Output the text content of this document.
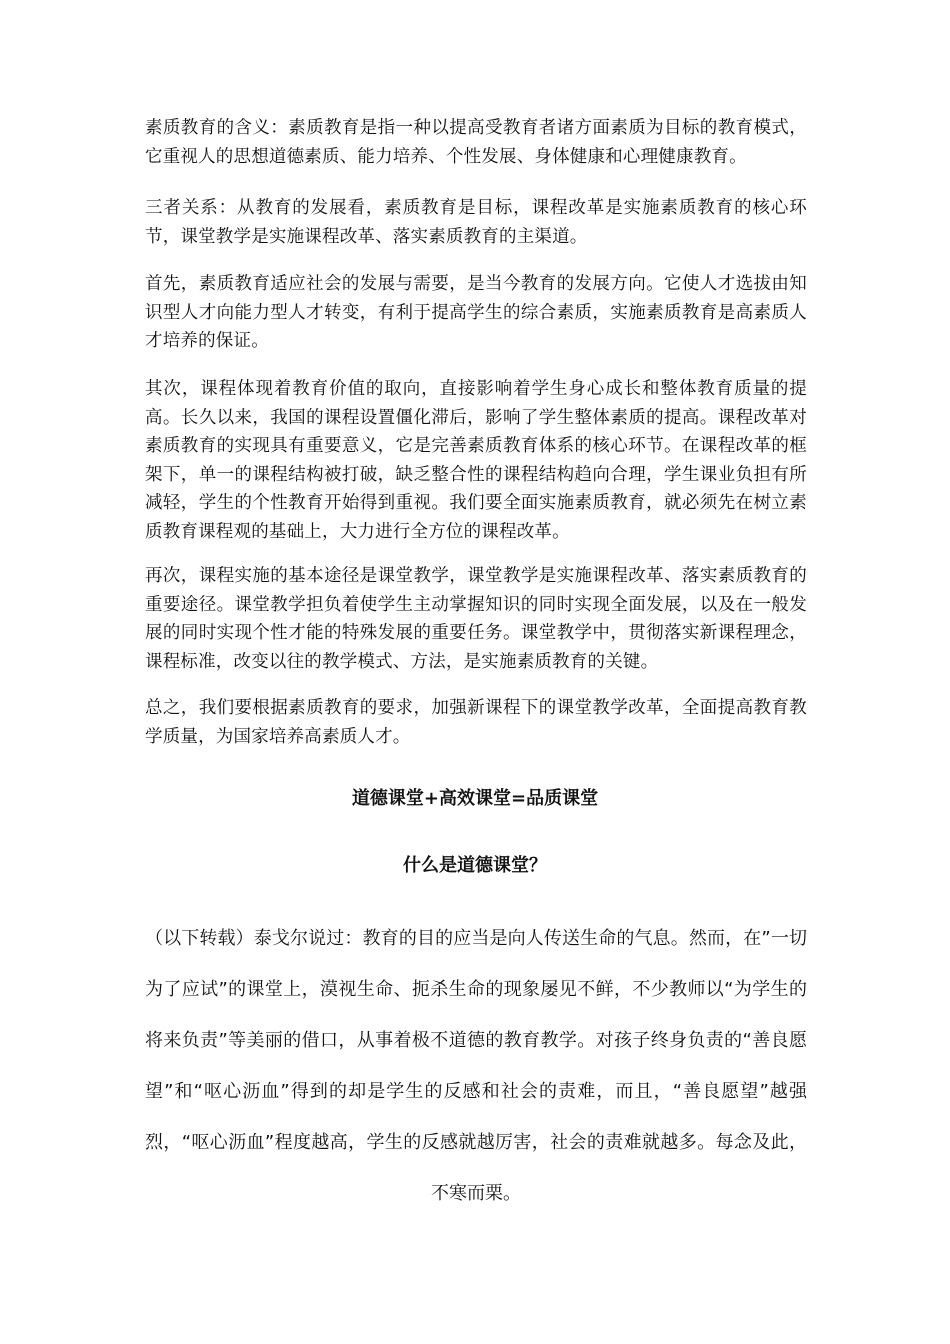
素质教育的含义：素质教育是指一种以提高受教育者诸方面素质为目标的教育模式，它重视人的思想道德素质、能力培养、个性发展、身体健康和心理健康教育。

三者关系：从教育的发展看，素质教育是目标，课程改革是实施素质教育的核心环节，课堂教学是实施课程改革、落实素质教育的主渠道。

首先，素质教育适应社会的发展与需要，是当今教育的发展方向。它使人才选拔由知识型人才向能力型人才转变，有利于提高学生的综合素质，实施素质教育是高素质人才培养的保证。

其次，课程体现着教育价值的取向，直接影响着学生身心成长和整体教育质量的提高。长久以来，我国的课程设置僵化滞后，影响了学生整体素质的提高。课程改革对素质教育的实现具有重要意义，它是完善素质教育体系的核心环节。在课程改革的框架下，单一的课程结构被打破，缺乏整合性的课程结构趋向合理，学生课业负担有所减轻，学生的个性教育开始得到重视。我们要全面实施素质教育，就必须先在树立素质教育课程观的基础上，大力进行全方位的课程改革。

再次，课程实施的基本途径是课堂教学，课堂教学是实施课程改革、落实素质教育的重要途径。课堂教学担负着使学生主动掌握知识的同时实现全面发展，以及在一般发展的同时实现个性才能的特殊发展的重要任务。课堂教学中，贯彻落实新课程理念，课程标准，改变以往的教学模式、方法，是实施素质教育的关键。

总之，我们要根据素质教育的要求，加强新课程下的课堂教学改革，全面提高教育教学质量，为国家培养高素质人才。

道德课堂+高效课堂=品质课堂
什么是道德课堂？

（以下转载）泰戈尔说过：教育的目的应当是向人传送生命的气息。然而，在”一切为了应试”的课堂上，漠视生命、扼杀生命的现象屡见不鲜，不少教师以“为学生的将来负责”等美丽的借口，从事着极不道德的教育教学。对孩子终身负责的“善良愿望”和“呕心沥血”得到的却是学生的反感和社会的责难，而且，“善良愿望”越强烈，“呕心沥血”程度越高，学生的反感就越厉害，社会的责难就越多。每念及此，不寒而栗。
